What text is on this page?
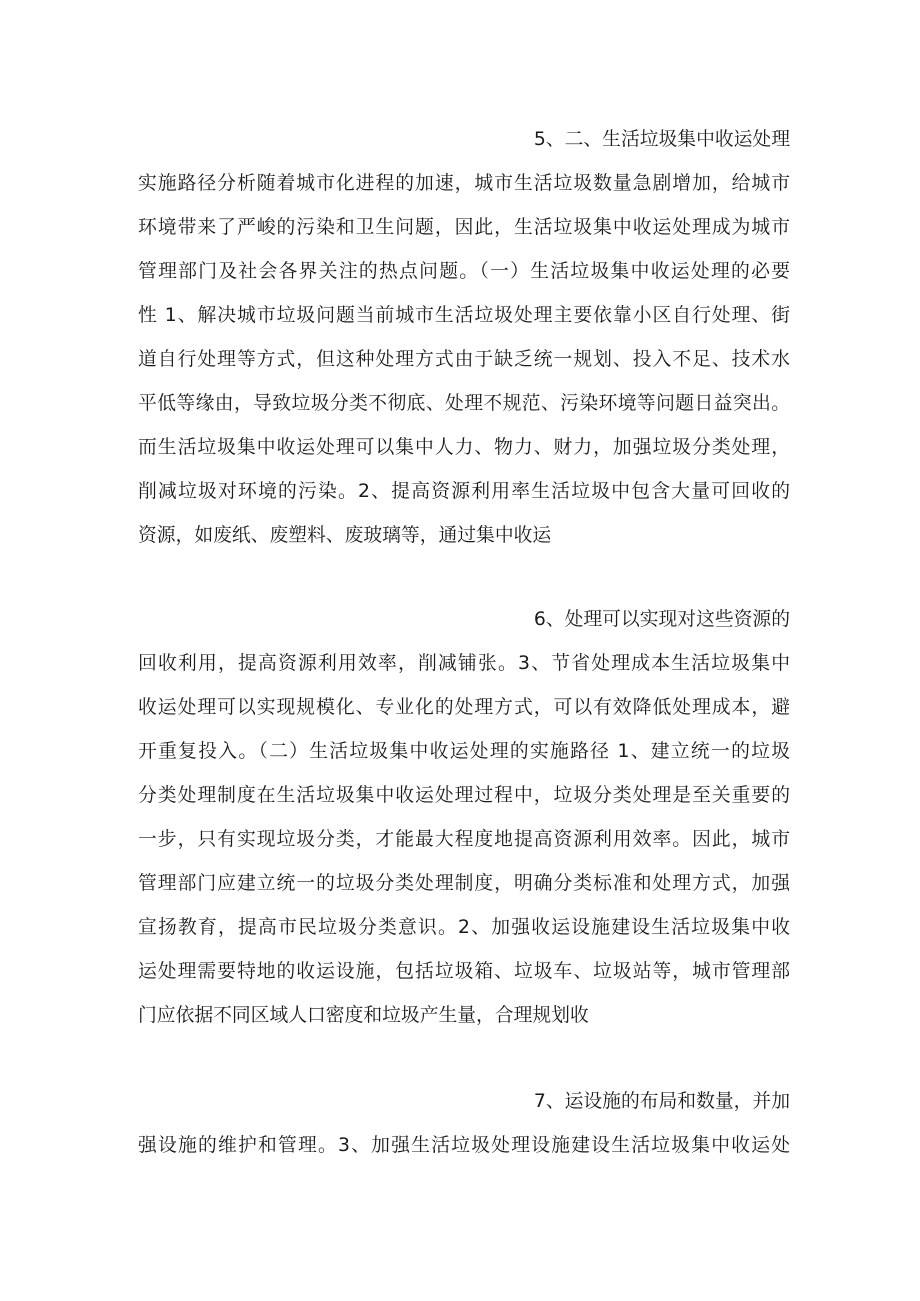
5、二、生活垃圾集中收运处理
实施路径分析随着城市化进程的加速，城市生活垃圾数量急剧增加，给城市
环境带来了严峻的污染和卫生问题，因此，生活垃圾集中收运处理成为城市
管理部门及社会各界关注的热点问题。（一）生活垃圾集中收运处理的必要
性 1、解决城市垃圾问题当前城市生活垃圾处理主要依靠小区自行处理、街
道自行处理等方式，但这种处理方式由于缺乏统一规划、投入不足、技术水
平低等缘由，导致垃圾分类不彻底、处理不规范、污染环境等问题日益突出。
而生活垃圾集中收运处理可以集中人力、物力、财力，加强垃圾分类处理，
削减垃圾对环境的污染。2、提高资源利用率生活垃圾中包含大量可回收的
资源，如废纸、废塑料、废玻璃等，通过集中收运
6、处理可以实现对这些资源的
回收利用，提高资源利用效率，削减铺张。3、节省处理成本生活垃圾集中
收运处理可以实现规模化、专业化的处理方式，可以有效降低处理成本，避
开重复投入。（二）生活垃圾集中收运处理的实施路径 1、建立统一的垃圾
分类处理制度在生活垃圾集中收运处理过程中，垃圾分类处理是至关重要的
一步，只有实现垃圾分类，才能最大程度地提高资源利用效率。因此，城市
管理部门应建立统一的垃圾分类处理制度，明确分类标准和处理方式，加强
宣扬教育，提高市民垃圾分类意识。2、加强收运设施建设生活垃圾集中收
运处理需要特地的收运设施，包括垃圾箱、垃圾车、垃圾站等，城市管理部
门应依据不同区域人口密度和垃圾产生量，合理规划收
7、运设施的布局和数量，并加
强设施的维护和管理。3、加强生活垃圾处理设施建设生活垃圾集中收运处
